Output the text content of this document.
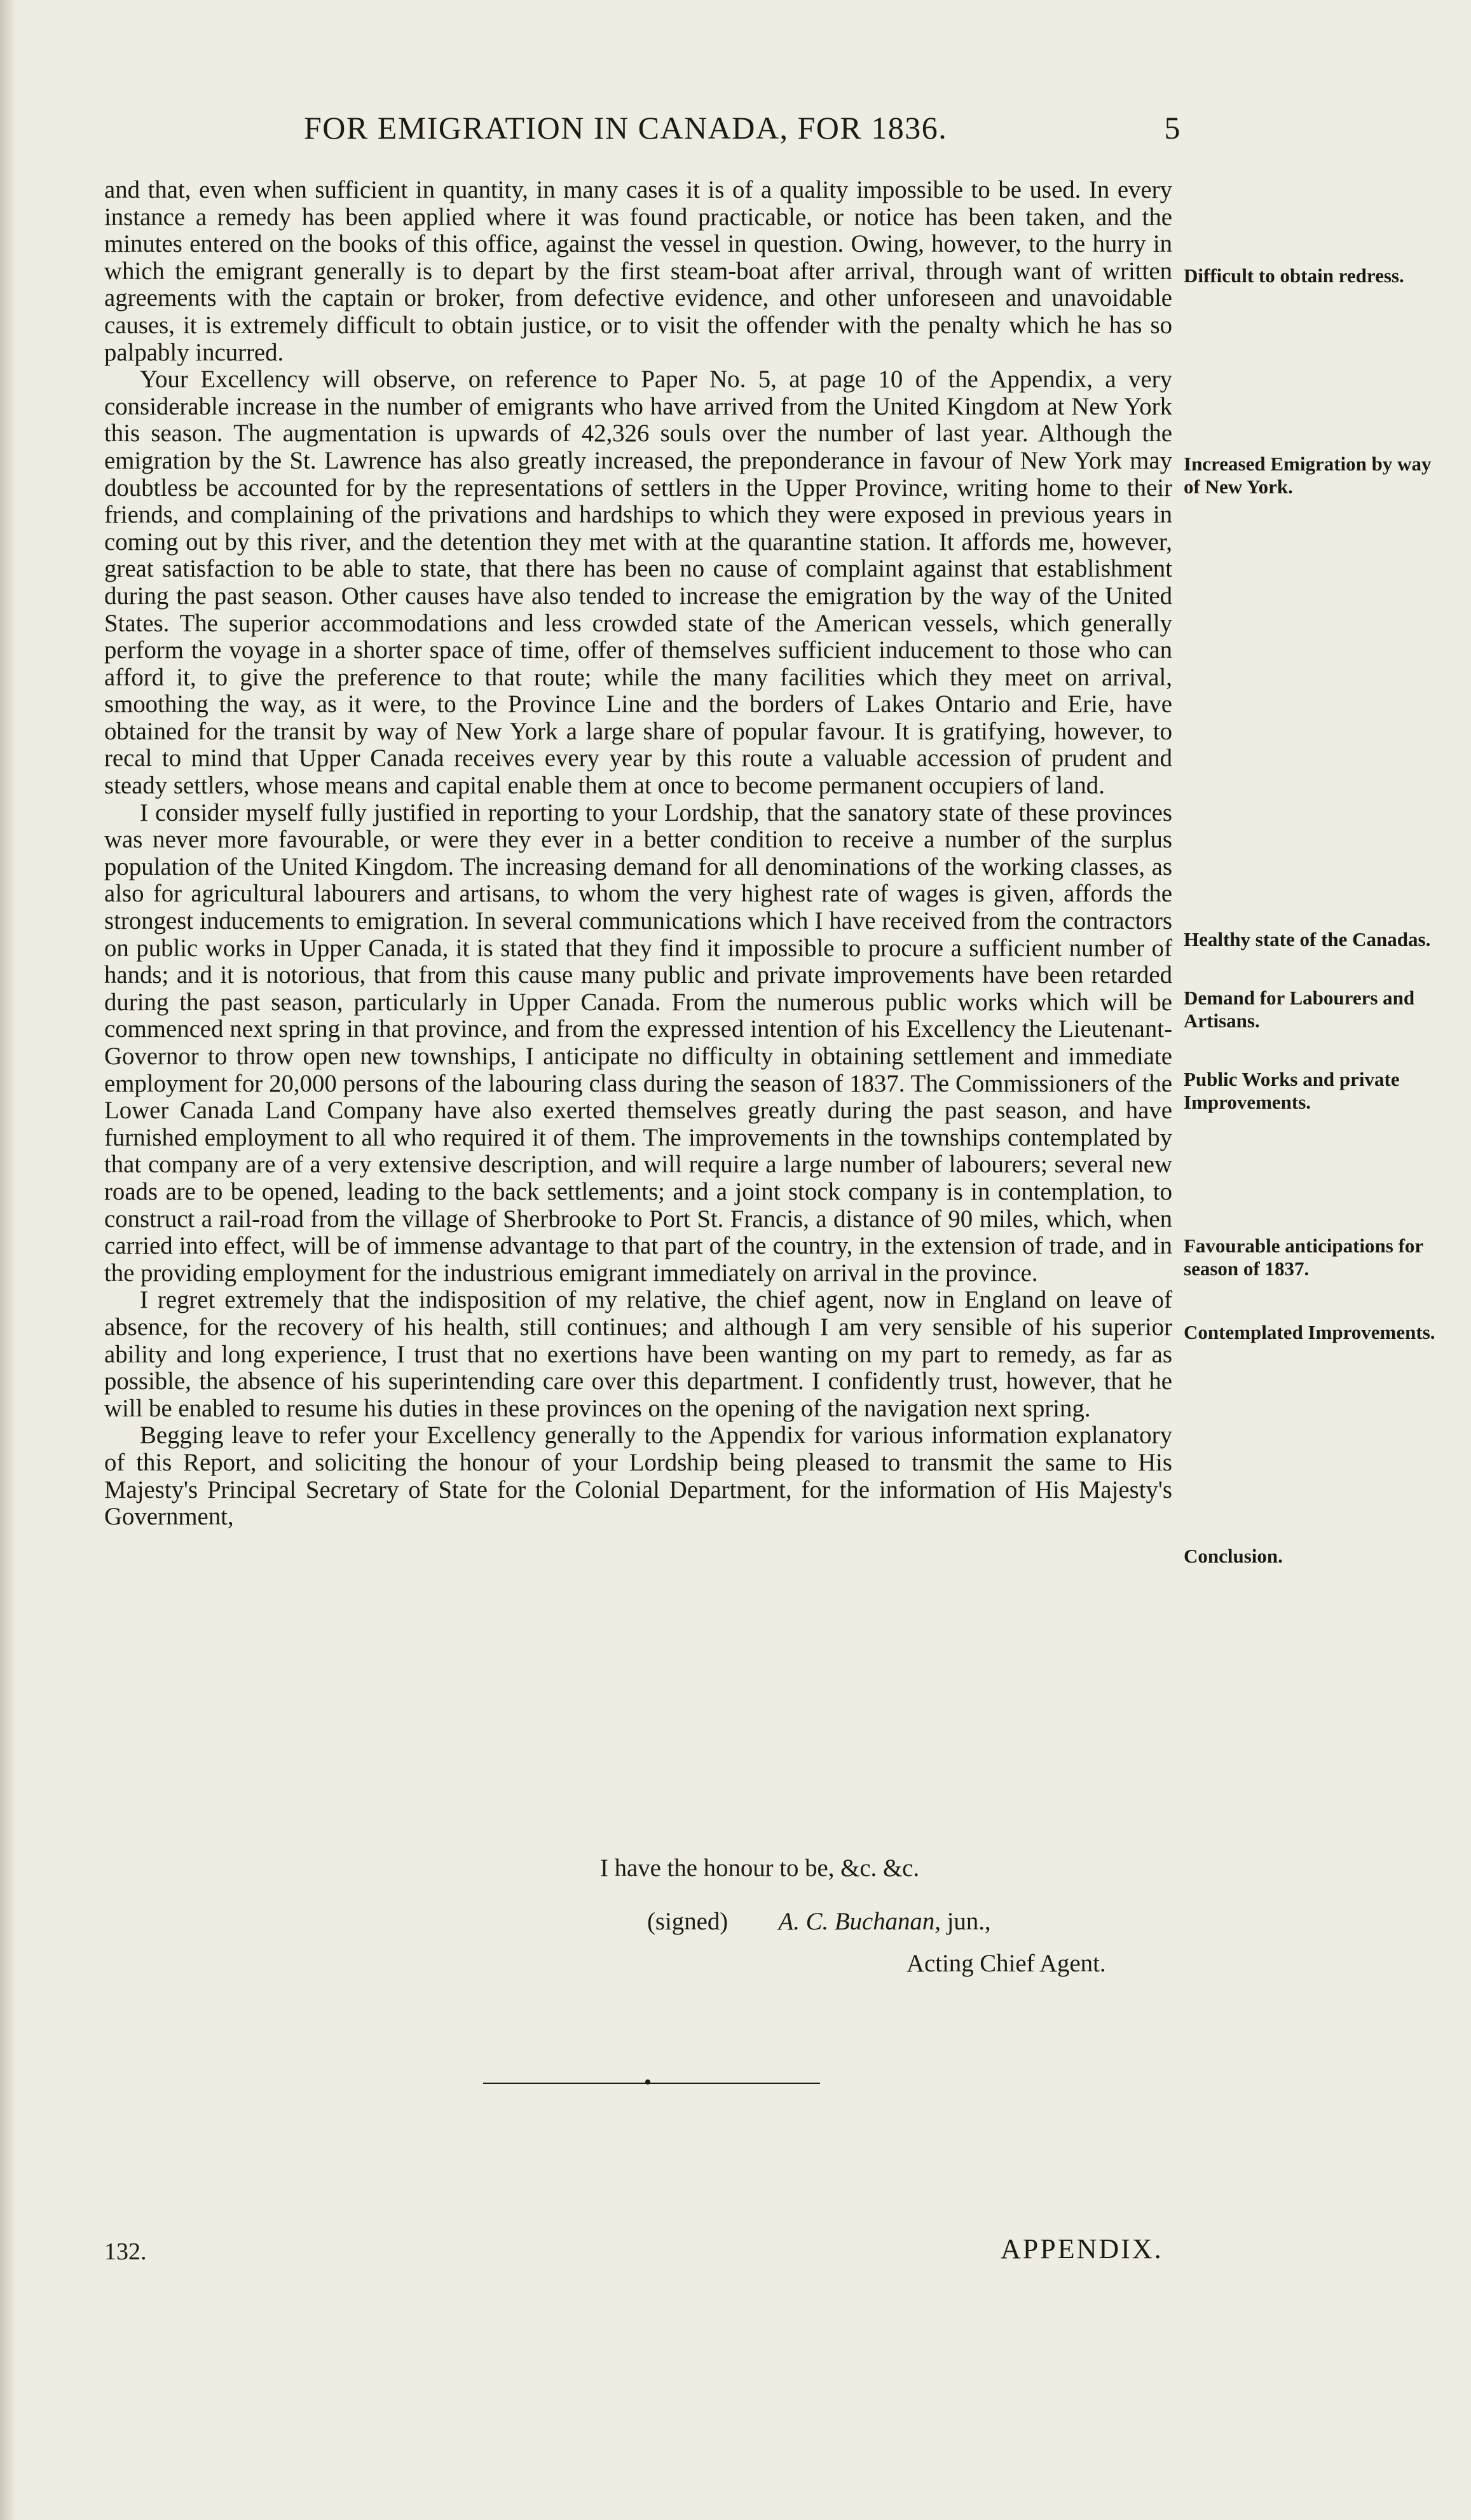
FOR EMIGRATION IN CANADA, FOR 1836.	5

and that, even when sufficient in quantity, in many cases it is of a quality impossible to be used. In every instance a remedy has been applied where it was found practicable, or notice has been taken, and the minutes entered on the books of this office, against the vessel in question. Owing, however, to the hurry in which the emigrant generally is to depart by the first steam-boat after arrival, through want of written agreements with the captain or broker, from defective evidence, and other unforeseen and unavoidable causes, it is extremely difficult to obtain justice, or to visit the offender with the penalty which he has so palpably incurred.

Your Excellency will observe, on reference to Paper No. 5, at page 10 of the Appendix, a very considerable increase in the number of emigrants who have arrived from the United Kingdom at New York this season. The augmentation is upwards of 42,326 souls over the number of last year. Although the emigration by the St. Lawrence has also greatly increased, the preponderance in favour of New York may doubtless be accounted for by the representations of settlers in the Upper Province, writing home to their friends, and complaining of the privations and hardships to which they were exposed in previous years in coming out by this river, and the detention they met with at the quarantine station. It affords me, however, great satisfaction to be able to state, that there has been no cause of complaint against that establishment during the past season. Other causes have also tended to increase the emigration by the way of the United States. The superior accommodations and less crowded state of the American vessels, which generally perform the voyage in a shorter space of time, offer of themselves sufficient inducement to those who can afford it, to give the preference to that route; while the many facilities which they meet on arrival, smoothing the way, as it were, to the Province Line and the borders of Lakes Ontario and Erie, have obtained for the transit by way of New York a large share of popular favour. It is gratifying, however, to recal to mind that Upper Canada receives every year by this route a valuable accession of prudent and steady settlers, whose means and capital enable them at once to become permanent occupiers of land.

I consider myself fully justified in reporting to your Lordship, that the sanatory state of these provinces was never more favourable, or were they ever in a better condition to receive a number of the surplus population of the United Kingdom. The increasing demand for all denominations of the working classes, as also for agricultural labourers and artisans, to whom the very highest rate of wages is given, affords the strongest inducements to emigration. In several communications which I have received from the contractors on public works in Upper Canada, it is stated that they find it impossible to procure a sufficient number of hands; and it is notorious, that from this cause many public and private improvements have been retarded during the past season, particularly in Upper Canada. From the numerous public works which will be commenced next spring in that province, and from the expressed intention of his Excellency the Lieutenant-Governor to throw open new townships, I anticipate no difficulty in obtaining settlement and immediate employment for 20,000 persons of the labouring class during the season of 1837. The Commissioners of the Lower Canada Land Company have also exerted themselves greatly during the past season, and have furnished employment to all who required it of them. The improvements in the townships contemplated by that company are of a very extensive description, and will require a large number of labourers; several new roads are to be opened, leading to the back settlements; and a joint stock company is in contemplation, to construct a rail-road from the village of Sherbrooke to Port St. Francis, a distance of 90 miles, which, when carried into effect, will be of immense advantage to that part of the country, in the extension of trade, and in the providing employment for the industrious emigrant immediately on arrival in the province.

I regret extremely that the indisposition of my relative, the chief agent, now in England on leave of absence, for the recovery of his health, still continues; and although I am very sensible of his superior ability and long experience, I trust that no exertions have been wanting on my part to remedy, as far as possible, the absence of his superintending care over this department. I confidently trust, however, that he will be enabled to resume his duties in these provinces on the opening of the navigation next spring.

Begging leave to refer your Excellency generally to the Appendix for various information explanatory of this Report, and soliciting the honour of your Lordship being pleased to transmit the same to His Majesty's Principal Secretary of State for the Colonial Department, for the information of His Majesty's Government,

Difficult to obtain redress.
Increased Emigration by way of New York.
Healthy state of the Canadas.
Demand for Labourers and Artisans.
Public Works and private Improvements.
Favourable anticipations for season of 1837.
Contemplated Improvements.
Conclusion.
I have the honour to be, &c. &c.
(signed) A. C. Buchanan, jun.,
Acting Chief Agent.
132.	APPENDIX.
